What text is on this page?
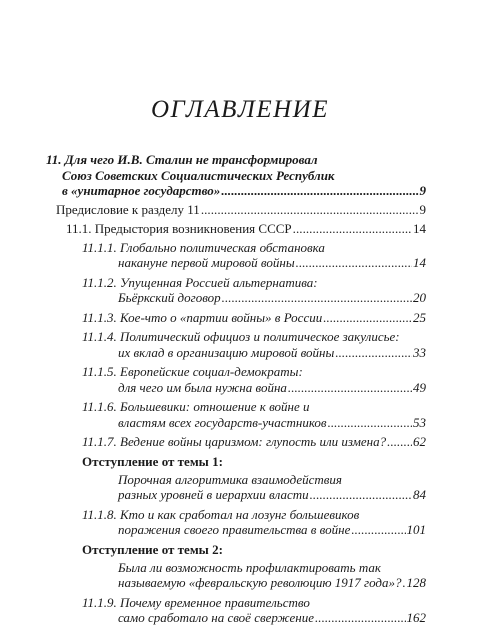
ОГЛАВЛЕНИЕ
11. Для чего И.В. Сталин не трансформировал
Союз Советских Социалистических Республик
в «унитарное государство» . . .	9
Предисловие к разделу 11 . . .	9
11.1. Предыстория возникновения СССР . . .	14
11.1.1. Глобально политическая обстановка
накануне первой мировой войны . . .	14
11.1.2. Упущенная Россией альтернатива:
Бьёркский договор . . .	20
11.1.3. Кое-что о «партии войны» в России . . .	25
11.1.4. Политический официоз и политическое закулисье:
их вклад в организацию мировой войны . . .	33
11.1.5. Европейские социал-демократы:
для чего им была нужна война . . .	49
11.1.6. Большевики: отношение к войне и
властям всех государств-участников . . .	53
11.1.7. Ведение войны царизмом: глупость или измена? . . . 62
Отступление от темы 1:
Порочная алгоритмика взаимодействия
разных уровней в иерархии власти . . .	84
11.1.8. Кто и как сработал на лозунг большевиков
поражения своего правительства в войне . . .	101
Отступление от темы 2:
Была ли возможность профилактировать так
называемую «февральскую революцию 1917 года»? . . . 128
11.1.9. Почему временное правительство
само сработало на своё свержение . . .	162
